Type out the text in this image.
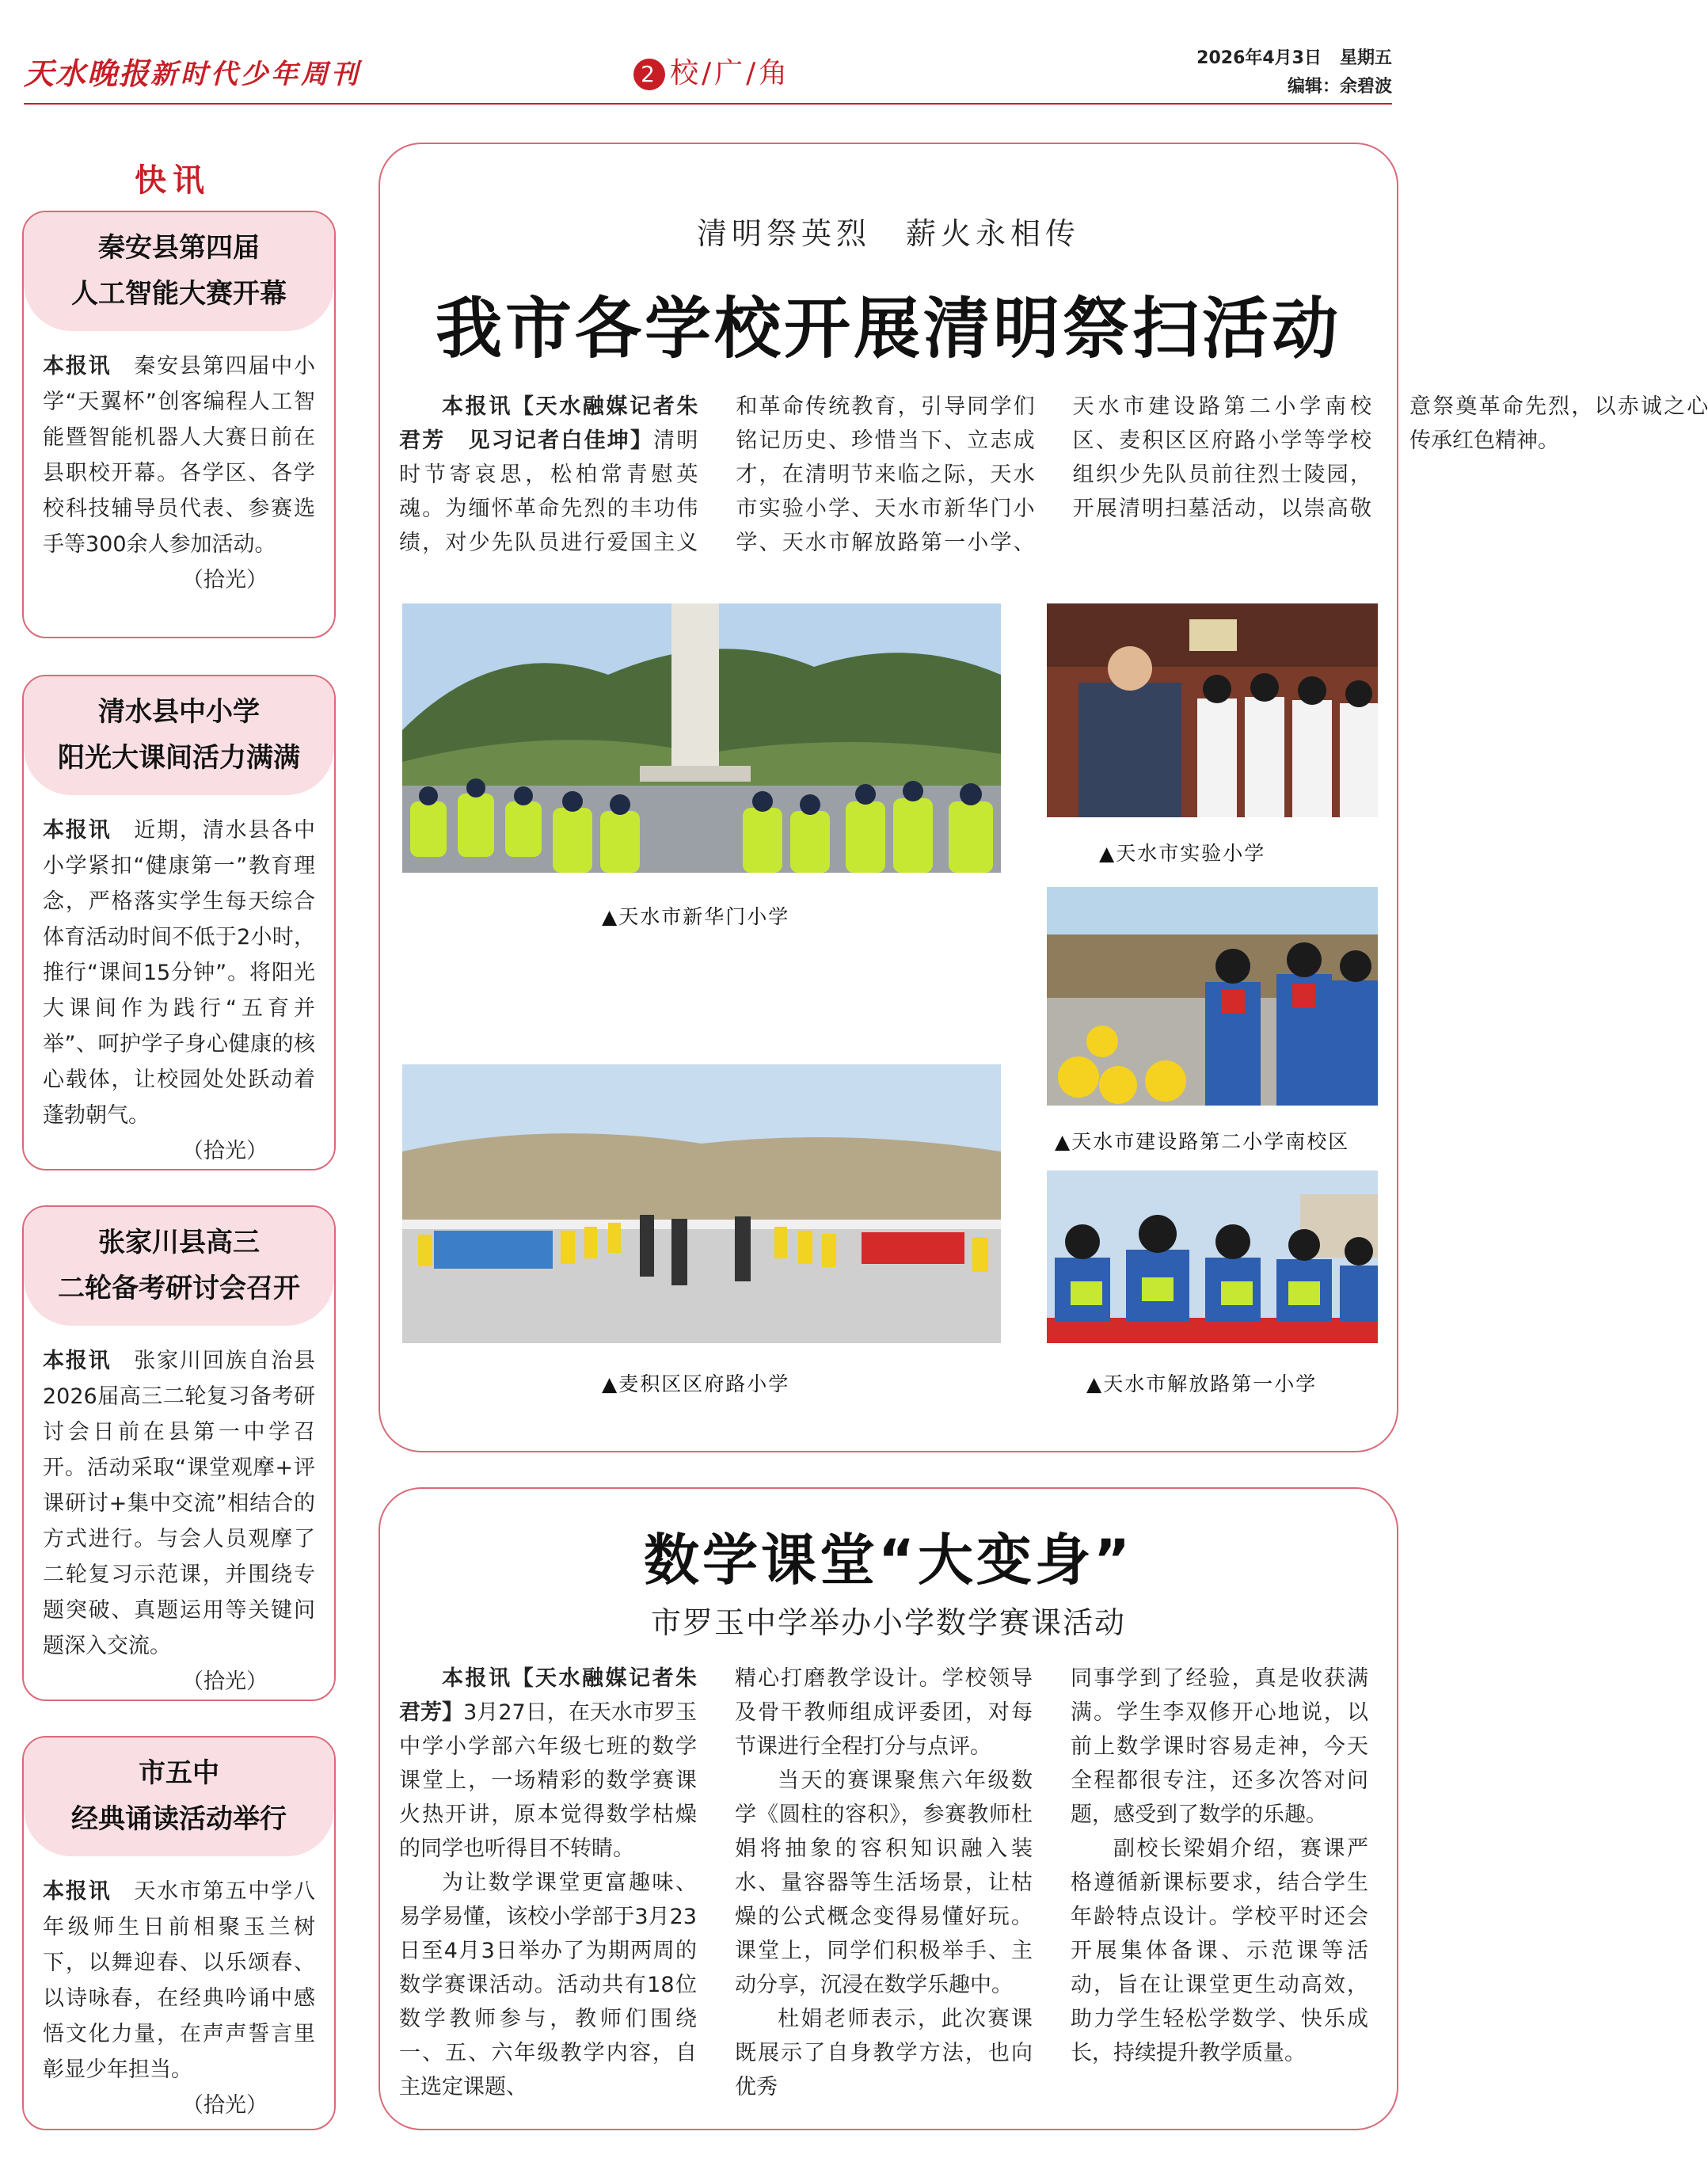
天水晚报 新时代少年周刊	2 校/广/角	2026年4月3日 星期五
编辑：余碧波
快讯
秦安县第四届
人工智能大赛开幕
本报讯　 秦安县第四届中小学“天翼杯”创客编程人工智能暨智能机器人大赛日前在县职校开幕。各学区、各学校科技辅导员代表、参赛选手等300余人参加活动。
（拾光）
清水县中小学
阳光大课间活力满满
本报讯　 近期，清水县各中小学紧扣“健康第一”教育理念，严格落实学生每天综合体育活动时间不低于2小时，推行“课间15分钟”。将阳光大课间作为践行“五育并举”、呵护学子身心健康的核心载体，让校园处处跃动着蓬勃朝气。
（拾光）
张家川县高三
二轮备考研讨会召开
本报讯　 张家川回族自治县2026届高三二轮复习备考研讨会日前在县第一中学召开。活动采取“课堂观摩+评课研讨+集中交流”相结合的方式进行。与会人员观摩了二轮复习示范课，并围绕专题突破、真题运用等关键问题深入交流。
（拾光）
市五中
经典诵读活动举行
本报讯　 天水市第五中学八年级师生日前相聚玉兰树下，以舞迎春、以乐颂春、以诗咏春，在经典吟诵中感悟文化力量，在声声誓言里彰显少年担当。
（拾光）
清明祭英烈　薪火永相传
我市各学校开展清明祭扫活动

本报讯【天水融媒记者朱君芳　见习记者白佳坤】清明时节寄哀思，松柏常青慰英魂。为缅怀革命先烈的丰功伟绩，对少先队员进行爱国主义和革命传统教育，引导同学们铭记历史、珍惜当下、立志成才，在清明节来临之际，天水市实验小学、天水市新华门小学、天水市解放路第一小学、天水市建设路第二小学南校区、麦积区区府路小学等学校组织少先队员前往烈士陵园，开展清明扫墓活动，以崇高敬意祭奠革命先烈，以赤诚之心传承红色精神。

▲天水市新华门小学
▲麦积区区府路小学
▲天水市实验小学
▲天水市建设路第二小学南校区
▲天水市解放路第一小学
数学课堂“大变身”
市罗玉中学举办小学数学赛课活动

本报讯【天水融媒记者朱君芳】3月27日，在天水市罗玉中学小学部六年级七班的数学课堂上，一场精彩的数学赛课火热开讲，原本觉得数学枯燥的同学也听得目不转睛。

为让数学课堂更富趣味、易学易懂，该校小学部于3月23日至4月3日举办了为期两周的数学赛课活动。活动共有18位数学教师参与，教师们围绕一、五、六年级教学内容，自主选定课题、

精心打磨教学设计。学校领导及骨干教师组成评委团，对每节课进行全程打分与点评。

当天的赛课聚焦六年级数学《圆柱的容积》，参赛教师杜娟将抽象的容积知识融入装水、量容器等生活场景，让枯燥的公式概念变得易懂好玩。课堂上，同学们积极举手、主动分享，沉浸在数学乐趣中。

杜娟老师表示，此次赛课既展示了自身教学方法，也向优秀

同事学到了经验，真是收获满满。学生李双修开心地说，以前上数学课时容易走神，今天全程都很专注，还多次答对问题，感受到了数学的乐趣。

副校长梁娟介绍，赛课严格遵循新课标要求，结合学生年龄特点设计。学校平时还会开展集体备课、示范课等活动，旨在让课堂更生动高效，助力学生轻松学数学、快乐成长，持续提升教学质量。
